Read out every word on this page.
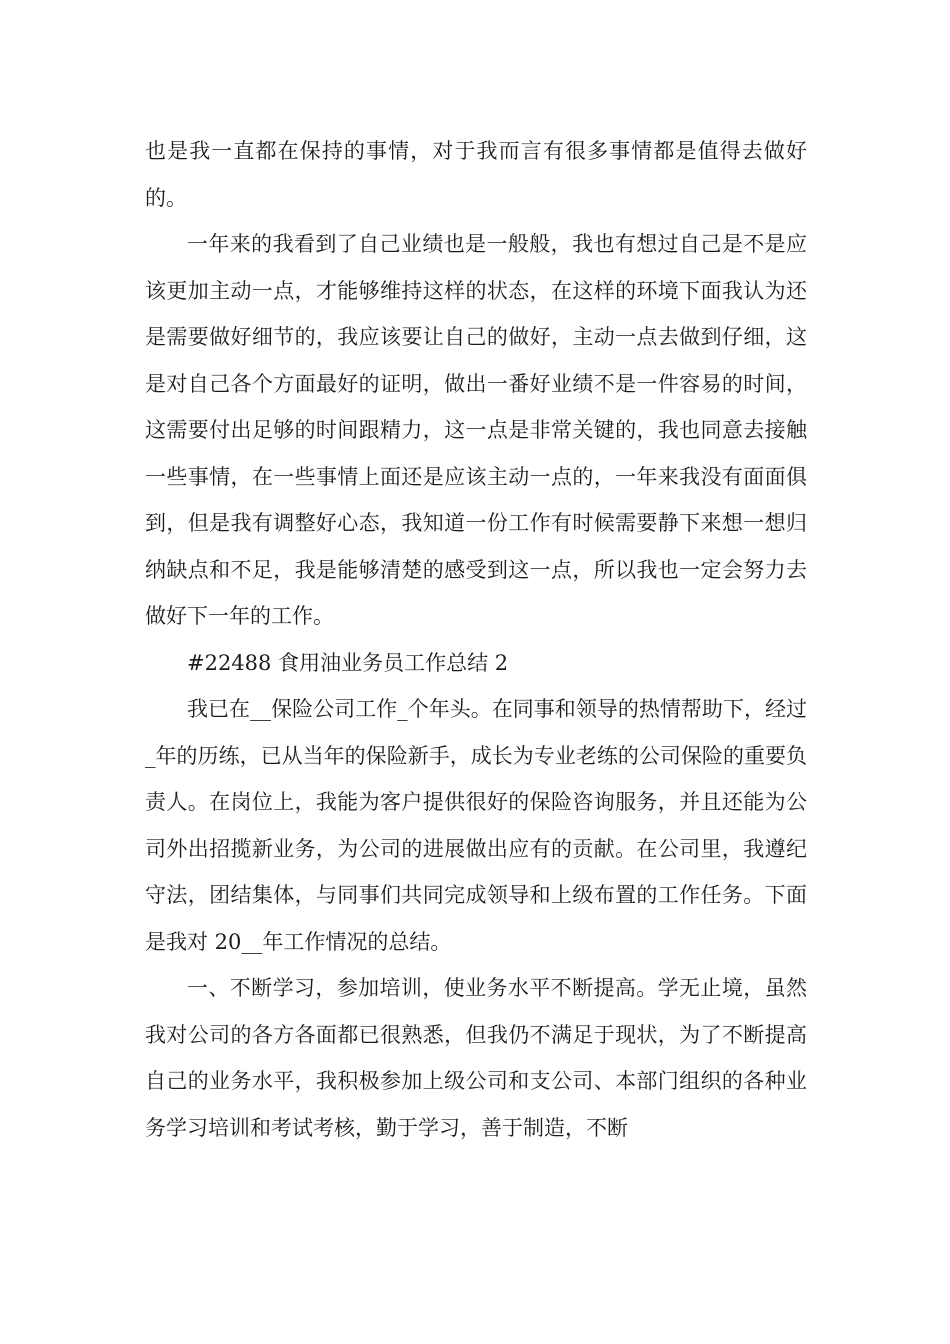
也是我一直都在保持的事情，对于我而言有很多事情都是值得去做好的。

一年来的我看到了自己业绩也是一般般，我也有想过自己是不是应该更加主动一点，才能够维持这样的状态，在这样的环境下面我认为还是需要做好细节的，我应该要让自己的做好，主动一点去做到仔细，这是对自己各个方面最好的证明，做出一番好业绩不是一件容易的时间，这需要付出足够的时间跟精力，这一点是非常关键的，我也同意去接触一些事情，在一些事情上面还是应该主动一点的，一年来我没有面面俱到，但是我有调整好心态，我知道一份工作有时候需要静下来想一想归纳缺点和不足，我是能够清楚的感受到这一点，所以我也一定会努力去做好下一年的工作。

#22488 食用油业务员工作总结 2

我已在__保险公司工作_个年头。在同事和领导的热情帮助下，经过_年的历练，已从当年的保险新手，成长为专业老练的公司保险的重要负责人。在岗位上，我能为客户提供很好的保险咨询服务，并且还能为公司外出招揽新业务，为公司的进展做出应有的贡献。在公司里，我遵纪守法，团结集体，与同事们共同完成领导和上级布置的工作任务。下面是我对 20__年工作情况的总结。

一、不断学习，参加培训，使业务水平不断提高。学无止境，虽然我对公司的各方各面都已很熟悉，但我仍不满足于现状，为了不断提高自己的业务水平，我积极参加上级公司和支公司、本部门组织的各种业务学习培训和考试考核，勤于学习，善于制造，不断
